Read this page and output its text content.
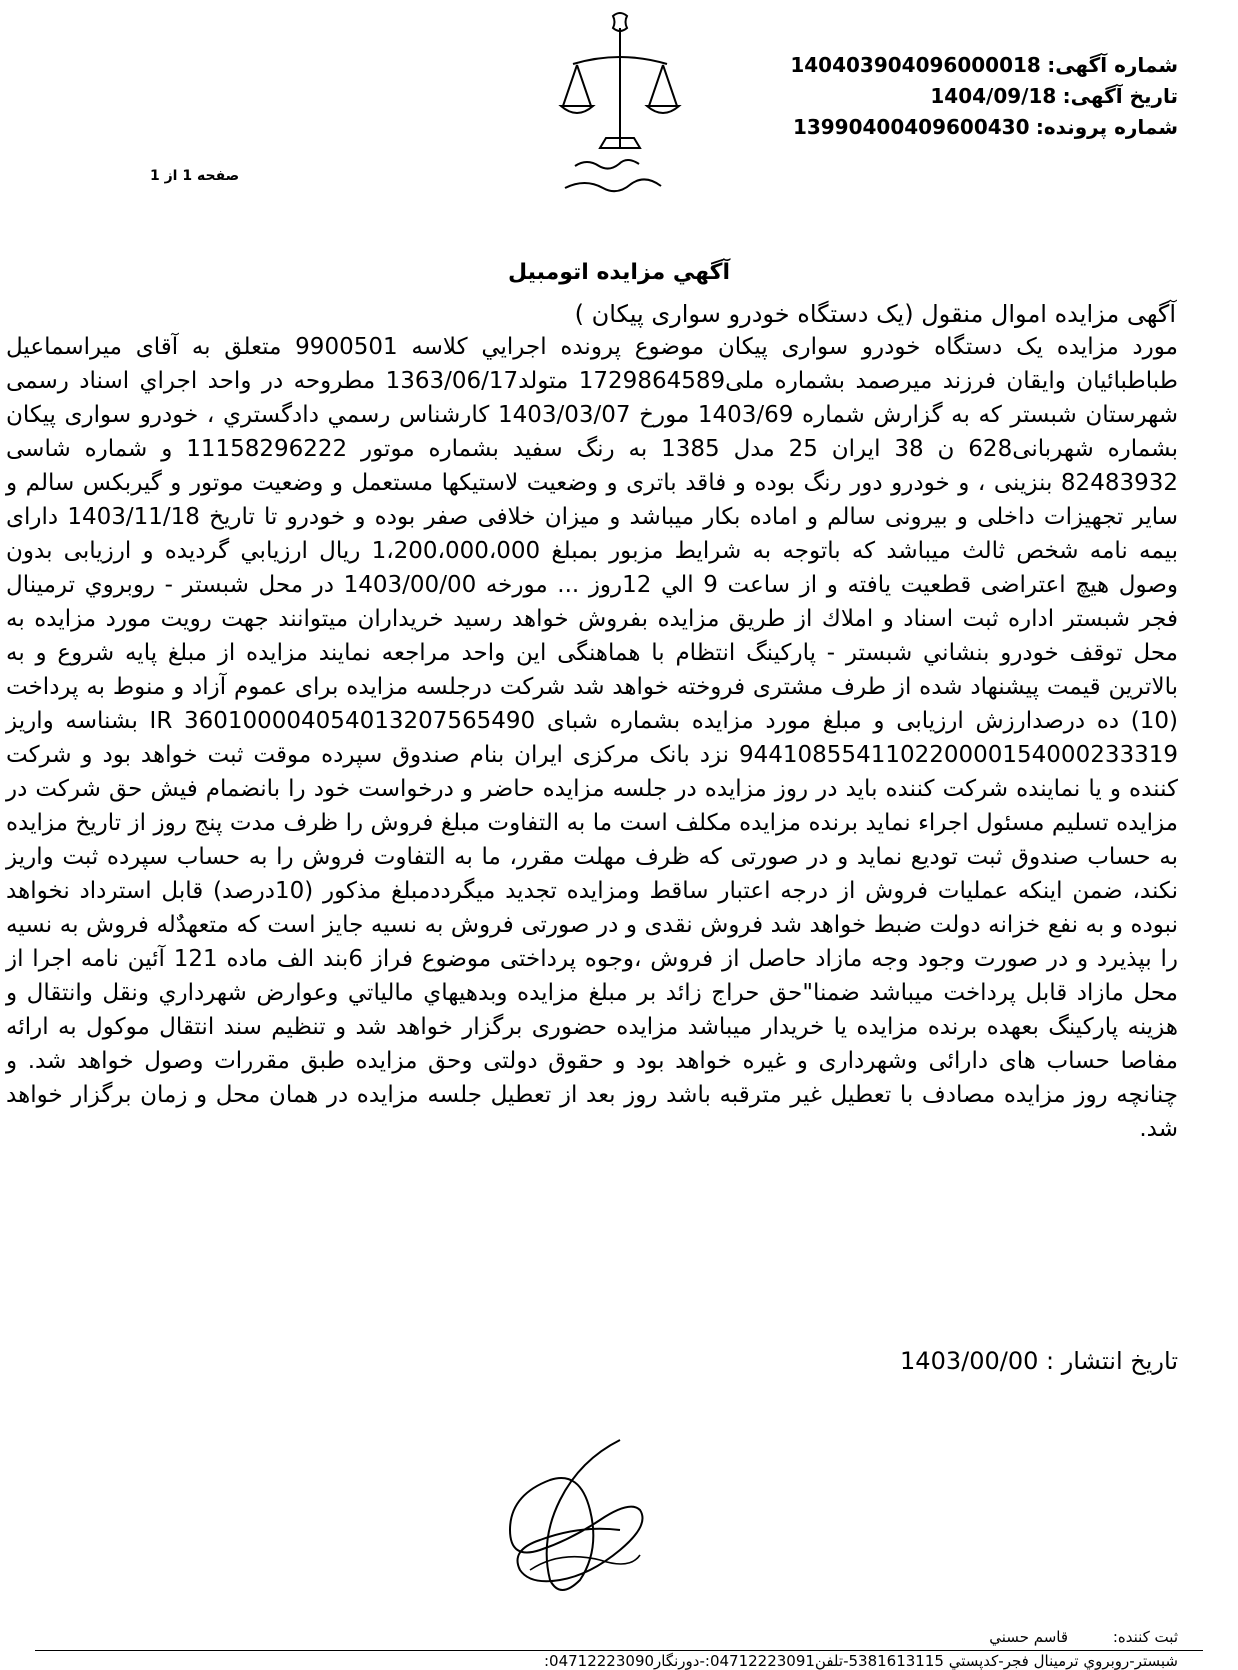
شماره آگهی: 140403904096000018
تاریخ آگهی: 1404/09/18
شماره پرونده: 13990400409600430
صفحه 1 از 1
آگهي مزايده اتومبيل
آگهی مزایده اموال منقول (یک دستگاه خودرو سواری پیکان )
مورد مزايده يک دستگاه خودرو سواری پيکان موضوع پرونده اجرايي کلاسه 9900501 متعلق به آقای ميراسماعيل طباطبائيان وايقان فرزند ميرصمد بشماره ملی1729864589 متولد1363/06/17 مطروحه در واحد اجراي اسناد رسمی شهرستان شبستر که به گزارش شماره 1403/69 مورخ 1403/03/07 کارشناس رسمي دادگستري ، خودرو سواری پيکان بشماره شهربانی628 ن 38 ايران 25 مدل 1385 به رنگ سفيد بشماره موتور 11158296222 و شماره شاسی 82483932 بنزينی ، و خودرو دور رنگ بوده و فاقد باتری و وضعيت لاستيکها مستعمل و وضعيت موتور و گيربکس سالم و ساير تجهيزات داخلی و بيرونی سالم و اماده بکار ميباشد و ميزان خلافی صفر بوده و خودرو تا تاريخ 1403/11/18 دارای بيمه نامه شخص ثالث ميباشد که باتوجه به شرايط مزبور بمبلغ 1،200،000،000 ريال ارزيابي گرديده و ارزيابی بدون وصول هيچ اعتراضی قطعيت يافته و از ساعت 9 الي 12روز ... مورخه 1403/00/00 در محل شبستر - روبروي ترمينال فجر شبستر اداره ثبت اسناد و املاك از طريق مزايده بفروش خواهد رسيد خريداران ميتوانند جهت رويت مورد مزايده به محل توقف خودرو بنشاني شبستر - پارکينگ انتظام با هماهنگی اين واحد مراجعه نمايند مزايده از مبلغ پايه شروع و به بالاترين قيمت پيشنهاد شده از طرف مشتری فروخته خواهد شد شرکت درجلسه مزايده برای عموم آزاد و منوط به پرداخت (10) ده درصدارزش ارزيابی و مبلغ مورد مزايده بشماره شبای IR 360100004054013207565490 بشناسه واريز 944108554110220000154000233319 نزد بانک مرکزی ايران بنام صندوق سپرده موقت ثبت خواهد بود و شرکت کننده و يا نماينده شرکت کننده بايد در روز مزايده در جلسه مزايده حاضر و درخواست خود را بانضمام فيش حق شرکت در مزايده تسليم مسئول اجراء نمايد برنده مزايده مکلف است ما به التفاوت مبلغ فروش را ظرف مدت پنج روز از تاريخ مزايده به حساب صندوق ثبت توديع نمايد و در صورتی که ظرف مهلت مقرر، ما به التفاوت فروش را به حساب سپرده ثبت واريز نکند، ضمن اينکه عمليات فروش از درجه اعتبار ساقط ومزايده تجديد ميگرددمبلغ مذکور (10درصد) قابل استرداد نخواهد نبوده و به نفع خزانه دولت ضبط خواهد شد فروش نقدی و در صورتی فروش به نسيه جايز است که متعهدٌله فروش به نسيه را بپذيرد و در صورت وجود وجه مازاد حاصل از فروش ،وجوه پرداختی موضوع فراز 6بند الف ماده 121 آئين نامه اجرا از محل مازاد قابل پرداخت ميباشد ضمنا"حق حراج زائد بر مبلغ مزايده وبدهيهاي مالياتي وعوارض شهرداري ونقل وانتقال و هزينه پارکينگ بعهده برنده مزايده يا خريدار ميباشد مزايده حضوری برگزار خواهد شد و تنظيم سند انتقال موکول به ارائه مفاصا حساب های دارائی وشهرداری و غيره خواهد بود و حقوق دولتی وحق مزايده طبق مقررات وصول خواهد شد. و چنانچه روز مزايده مصادف با تعطيل غير مترقبه باشد روز بعد از تعطيل جلسه مزايده در همان محل و زمان برگزار خواهد شد.
تاریخ انتشار : 1403/00/00
ثبت کننده: قاسم حسني
شبستر-روبروي ترمينال فجر-کدپستي 5381613115-تلفن04712223091:-دورنگار04712223090:
